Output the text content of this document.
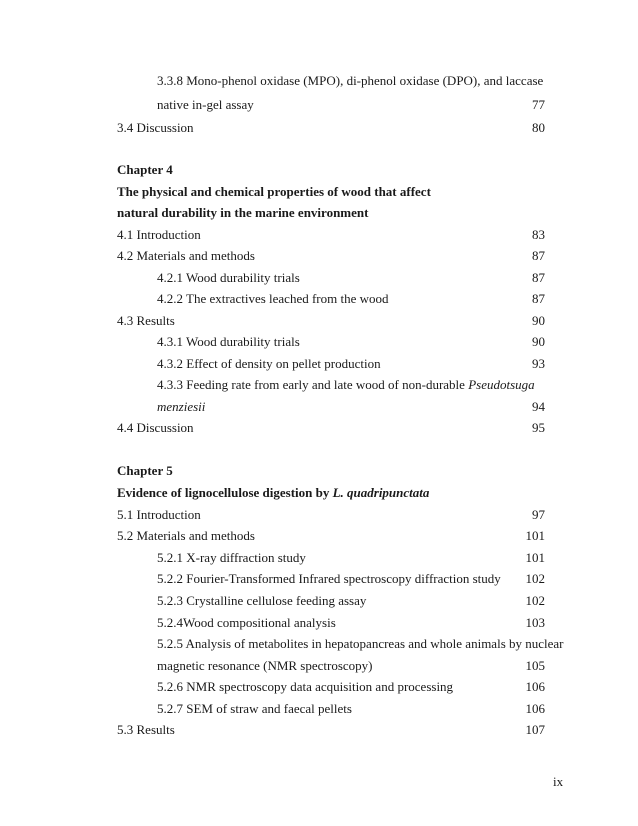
3.3.8 Mono-phenol oxidase (MPO), di-phenol oxidase (DPO), and laccase
native in-gel assay	77
3.4 Discussion	80
Chapter 4
The physical and chemical properties of wood that affect
natural durability in the marine environment
4.1 Introduction	83
4.2 Materials and methods	87
4.2.1 Wood durability trials	87
4.2.2 The extractives leached from the wood	87
4.3 Results	90
4.3.1 Wood durability trials	90
4.3.2 Effect of density on pellet production	93
4.3.3 Feeding rate from early and late wood of non-durable Pseudotsuga
menziesii	94
4.4 Discussion	95
Chapter 5
Evidence of lignocellulose digestion by L. quadripunctata
5.1 Introduction	97
5.2 Materials and methods	101
5.2.1 X-ray diffraction study	101
5.2.2 Fourier-Transformed Infrared spectroscopy diffraction study 102
5.2.3 Crystalline cellulose feeding assay	102
5.2.4Wood compositional analysis	103
5.2.5 Analysis of metabolites in hepatopancreas and whole animals by nuclear
magnetic resonance (NMR spectroscopy)	105
5.2.6 NMR spectroscopy data acquisition and processing	106
5.2.7 SEM of straw and faecal pellets	106
5.3 Results	107
ix
